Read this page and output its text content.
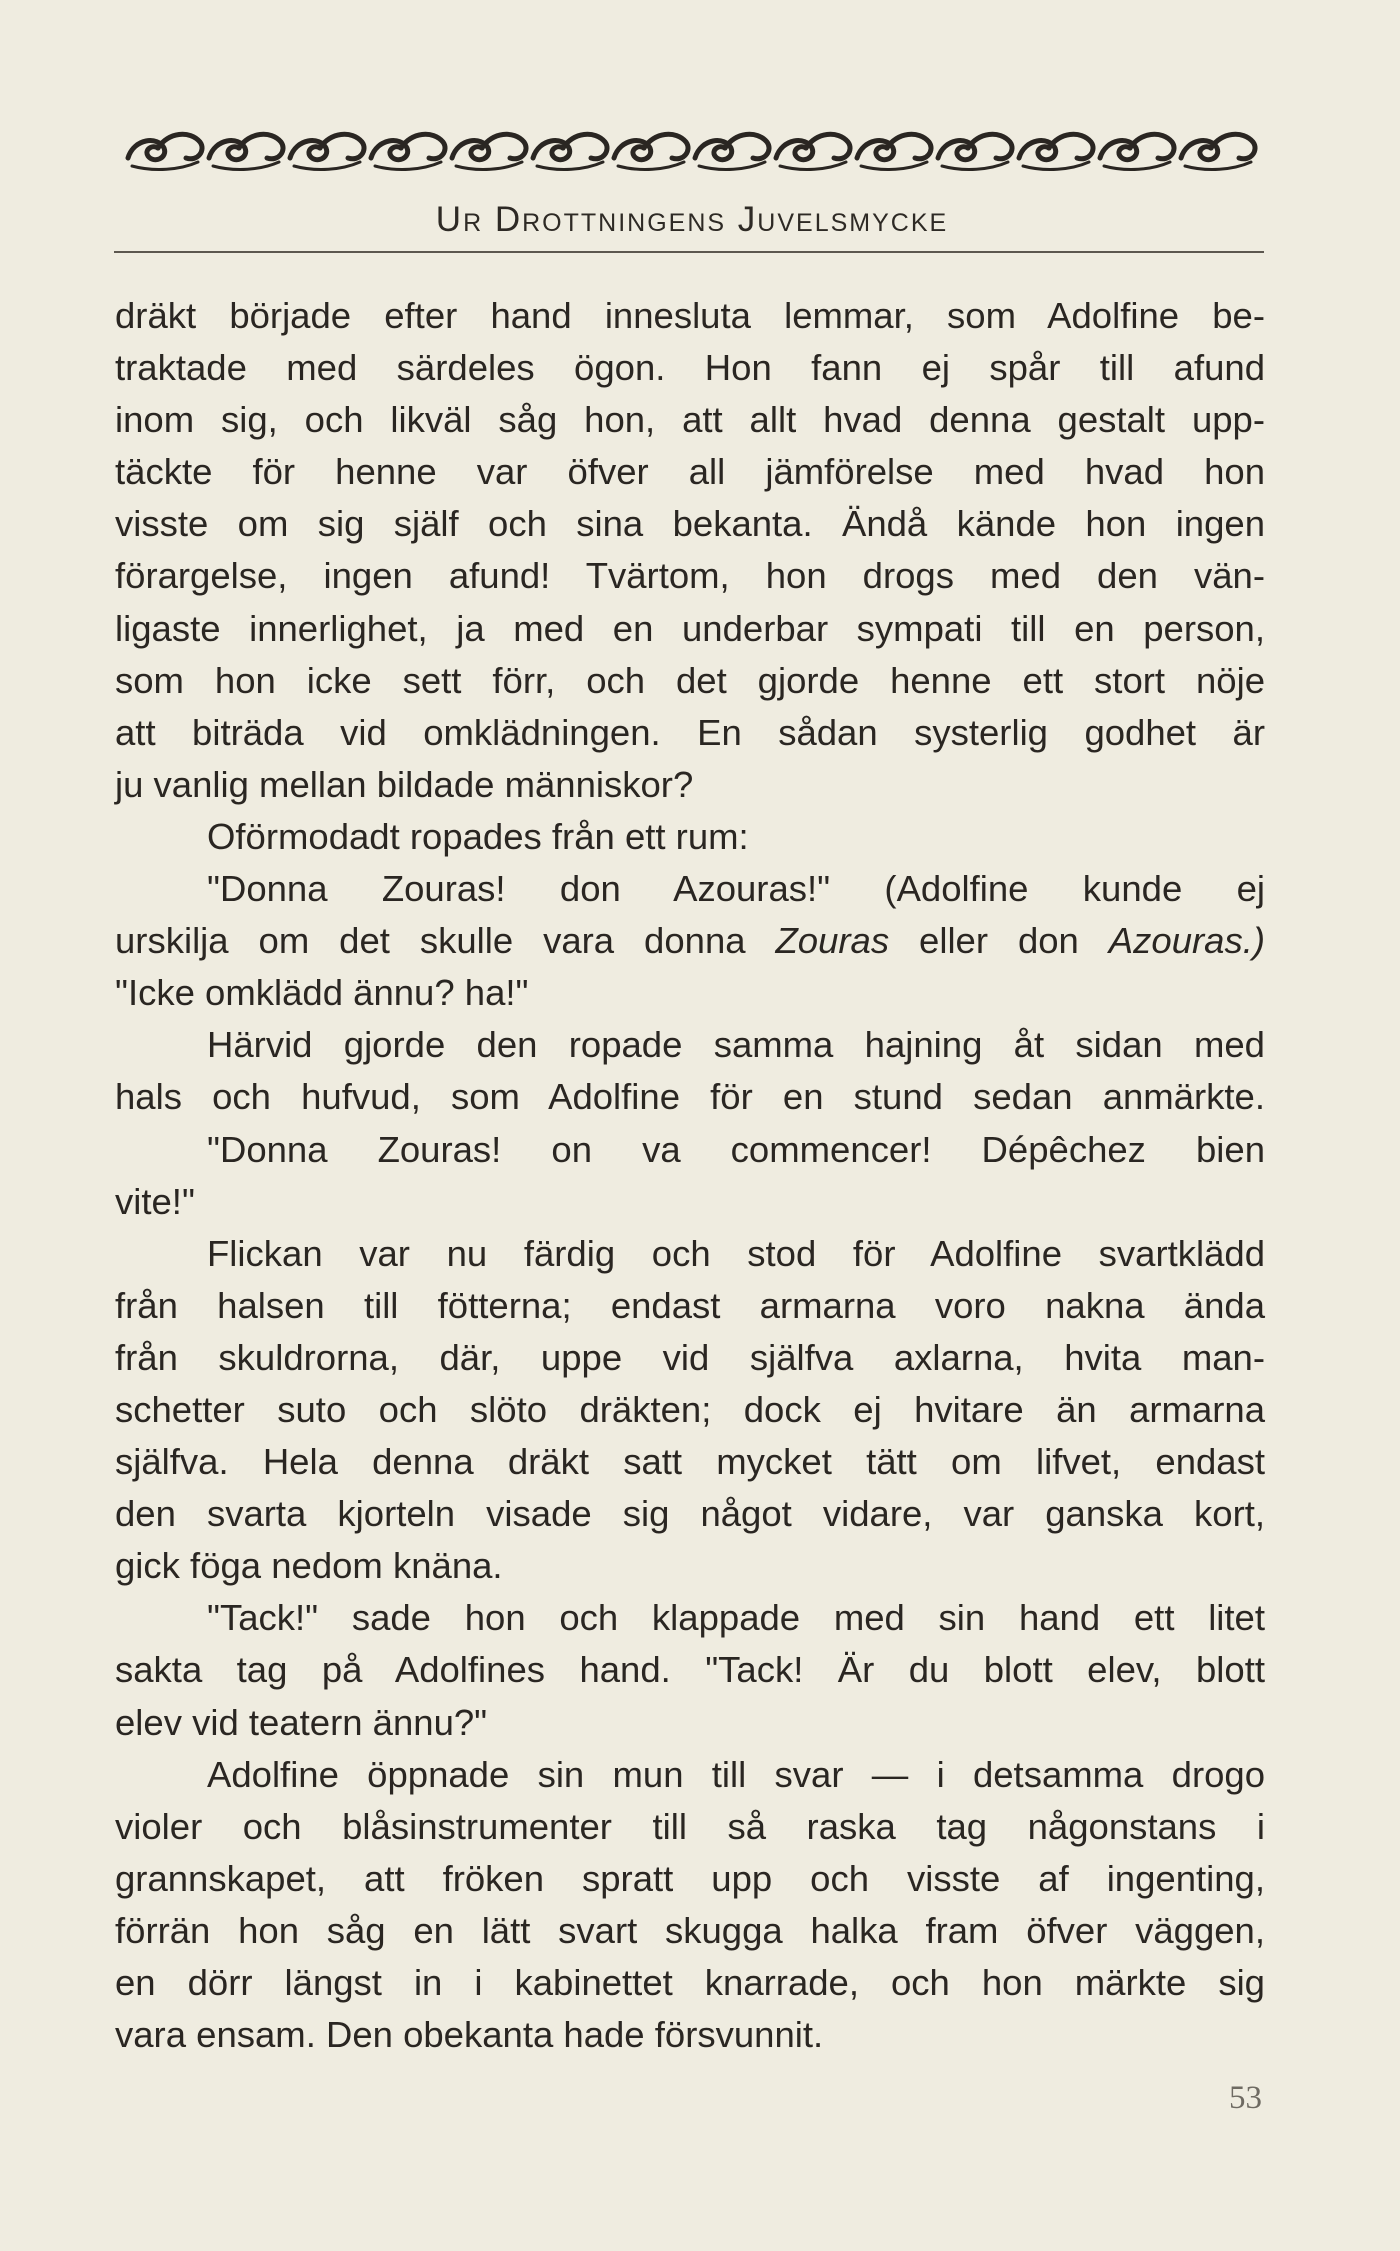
Ur Drottningens Juvelsmycke
dräkt började efter hand innesluta lemmar, som Adolfine be-
traktade med särdeles ögon. Hon fann ej spår till afund
inom sig, och likväl såg hon, att allt hvad denna gestalt upp-
täckte för henne var öfver all jämförelse med hvad hon
visste om sig själf och sina bekanta. Ändå kände hon ingen
förargelse, ingen afund! Tvärtom, hon drogs med den vän-
ligaste innerlighet, ja med en underbar sympati till en person,
som hon icke sett förr, och det gjorde henne ett stort nöje
att biträda vid omklädningen. En sådan systerlig godhet är
ju vanlig mellan bildade människor?
Oförmodadt ropades från ett rum:
"Donna Zouras! don Azouras!" (Adolfine kunde ej
urskilja om det skulle vara donna Zouras eller don Azouras.)
"Icke omklädd ännu? ha!"
Härvid gjorde den ropade samma hajning åt sidan med
hals och hufvud, som Adolfine för en stund sedan anmärkte.
"Donna Zouras! on va commencer! Dépêchez bien
vite!"
Flickan var nu färdig och stod för Adolfine svartklädd
från halsen till fötterna; endast armarna voro nakna ända
från skuldrorna, där, uppe vid själfva axlarna, hvita man-
schetter suto och slöto dräkten; dock ej hvitare än armarna
själfva. Hela denna dräkt satt mycket tätt om lifvet, endast
den svarta kjorteln visade sig något vidare, var ganska kort,
gick föga nedom knäna.
"Tack!" sade hon och klappade med sin hand ett litet
sakta tag på Adolfines hand. "Tack! Är du blott elev, blott
elev vid teatern ännu?"
Adolfine öppnade sin mun till svar — i detsamma drogo
violer och blåsinstrumenter till så raska tag någonstans i
grannskapet, att fröken spratt upp och visste af ingenting,
förrän hon såg en lätt svart skugga halka fram öfver väggen,
en dörr längst in i kabinettet knarrade, och hon märkte sig
vara ensam. Den obekanta hade försvunnit.
53
